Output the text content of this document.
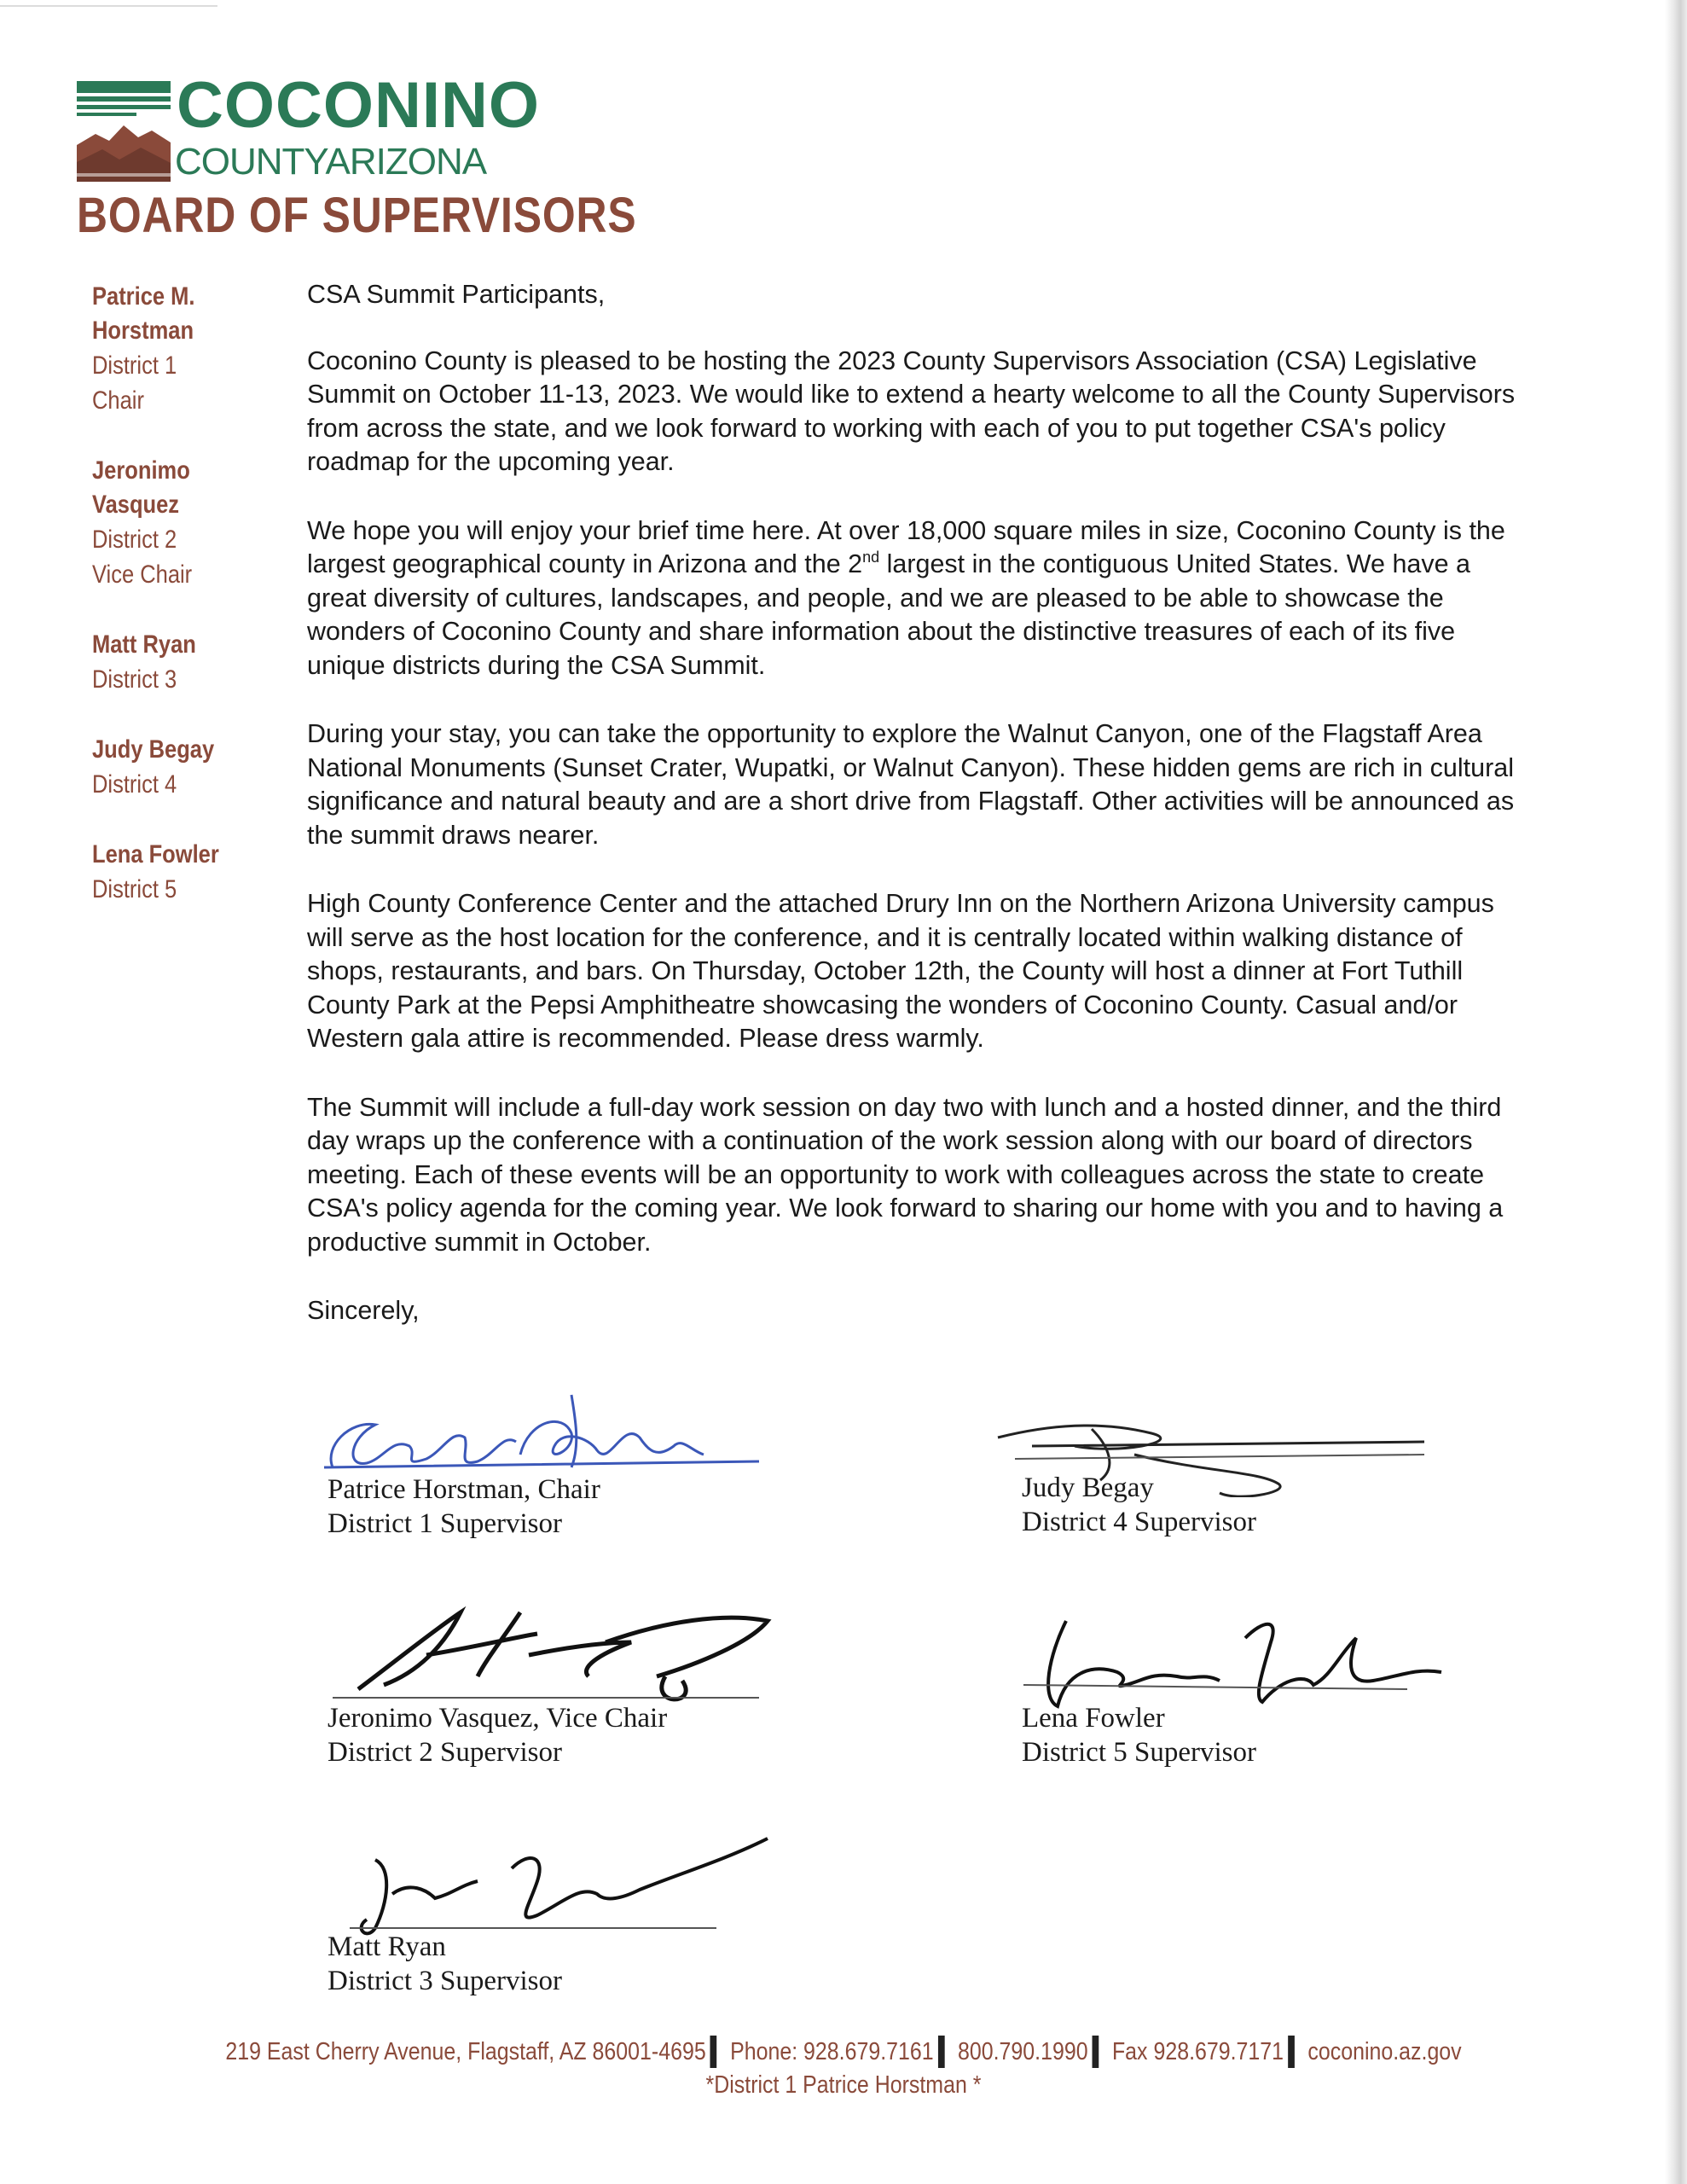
COCONINO
COUNTYARIZONA
BOARD OF SUPERVISORS
Patrice M.
Horstman
District 1
Chair
Jeronimo
Vasquez
District 2
Vice Chair
Matt Ryan
District 3
Judy Begay
District 4
Lena Fowler
District 5

CSA Summit Participants,

Coconino County is pleased to be hosting the 2023 County Supervisors Association (CSA) Legislative Summit on October 11-13, 2023. We would like to extend a hearty welcome to all the County Supervisors from across the state, and we look forward to working with each of you to put together CSA's policy roadmap for the upcoming year.

We hope you will enjoy your brief time here. At over 18,000 square miles in size, Coconino County is the largest geographical county in Arizona and the 2nd largest in the contiguous United States. We have a great diversity of cultures, landscapes, and people, and we are pleased to be able to showcase the wonders of Coconino County and share information about the distinctive treasures of each of its five unique districts during the CSA Summit.

During your stay, you can take the opportunity to explore the Walnut Canyon, one of the Flagstaff Area National Monuments (Sunset Crater, Wupatki, or Walnut Canyon). These hidden gems are rich in cultural significance and natural beauty and are a short drive from Flagstaff. Other activities will be announced as the summit draws nearer.

High County Conference Center and the attached Drury Inn on the Northern Arizona University campus will serve as the host location for the conference, and it is centrally located within walking distance of shops, restaurants, and bars. On Thursday, October 12th, the County will host a dinner at Fort Tuthill County Park at the Pepsi Amphitheatre showcasing the wonders of Coconino County. Casual and/or Western gala attire is recommended. Please dress warmly.

The Summit will include a full-day work session on day two with lunch and a hosted dinner, and the third day wraps up the conference with a continuation of the work session along with our board of directors meeting. Each of these events will be an opportunity to work with colleagues across the state to create CSA's policy agenda for the coming year. We look forward to sharing our home with you and to having a productive summit in October.

Sincerely,

Patrice Horstman, Chair
District 1 Supervisor
Judy Begay
District 4 Supervisor
Jeronimo Vasquez, Vice Chair
District 2 Supervisor
Lena Fowler
District 5 Supervisor
Matt Ryan
District 3 Supervisor
219 East Cherry Avenue, Flagstaff, AZ 86001-4695 Phone: 928.679.7161 800.790.1990 Fax 928.679.7171 coconino.az.gov
*District 1 Patrice Horstman *
